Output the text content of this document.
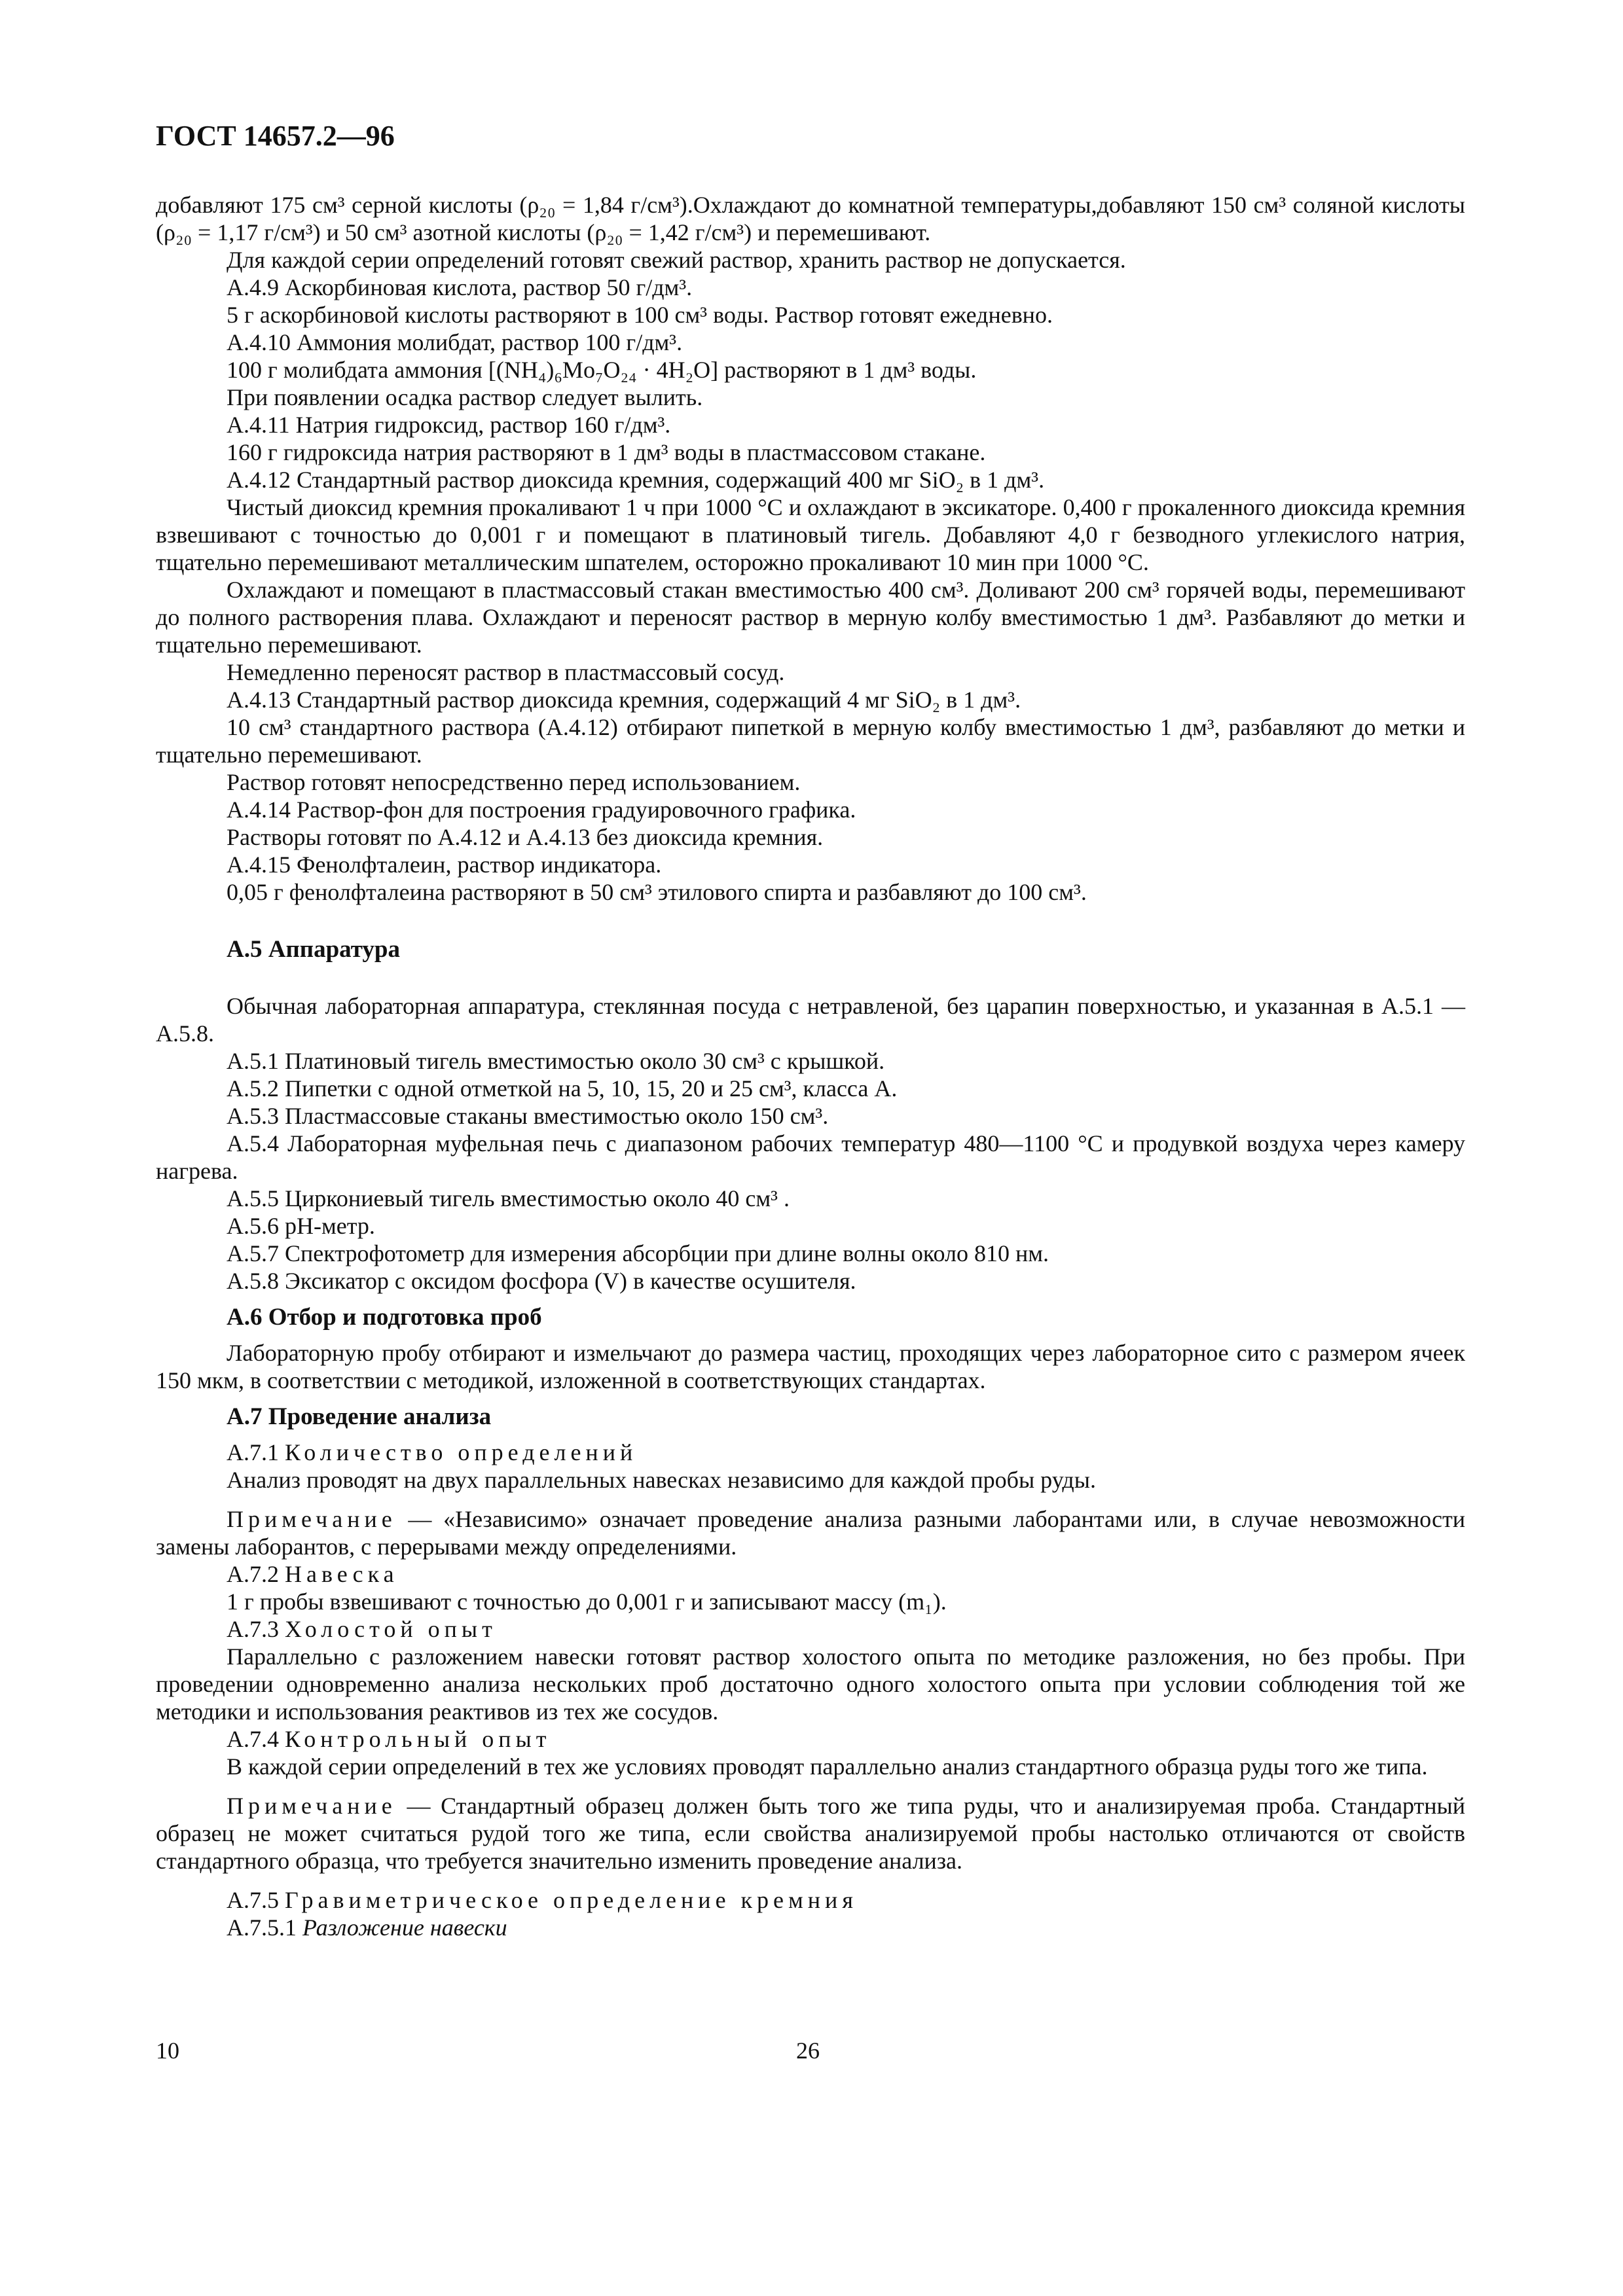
ГОСТ 14657.2—96

добавляют 175 см³ серной кислоты (ρ₂₀ = 1,84 г/см³).Охлаждают до комнатной температуры,добавляют 150 см³ соляной кислоты (ρ₂₀ = 1,17 г/см³) и 50 см³ азотной кислоты (ρ₂₀ = 1,42 г/см³) и перемешивают.

Для каждой серии определений готовят свежий раствор, хранить раствор не допускается.

А.4.9 Аскорбиновая кислота, раствор 50 г/дм³.

5 г аскорбиновой кислоты растворяют в 100 см³ воды. Раствор готовят ежедневно.

А.4.10 Аммония молибдат, раствор 100 г/дм³.

100 г молибдата аммония [(NH₄)₆Mo₇O₂₄ · 4H₂O] растворяют в 1 дм³ воды.

При появлении осадка раствор следует вылить.

А.4.11 Натрия гидроксид, раствор 160 г/дм³.

160 г гидроксида натрия растворяют в 1 дм³ воды в пластмассовом стакане.

А.4.12 Стандартный раствор диоксида кремния, содержащий 400 мг SiO₂ в 1 дм³.

Чистый диоксид кремния прокаливают 1 ч при 1000 °С и охлаждают в эксикаторе. 0,400 г прокаленного диоксида кремния взвешивают с точностью до 0,001 г и помещают в платиновый тигель. Добавляют 4,0 г безводного углекислого натрия, тщательно перемешивают металлическим шпателем, осторожно прокаливают 10 мин при 1000 °С.

Охлаждают и помещают в пластмассовый стакан вместимостью 400 см³. Доливают 200 см³ горячей воды, перемешивают до полного растворения плава. Охлаждают и переносят раствор в мерную колбу вместимостью 1 дм³. Разбавляют до метки и тщательно перемешивают.

Немедленно переносят раствор в пластмассовый сосуд.

А.4.13 Стандартный раствор диоксида кремния, содержащий 4 мг SiO₂ в 1 дм³.

10 см³ стандартного раствора (А.4.12) отбирают пипеткой в мерную колбу вместимостью 1 дм³, разбавляют до метки и тщательно перемешивают.

Раствор готовят непосредственно перед использованием.

А.4.14 Раствор-фон для построения градуировочного графика.

Растворы готовят по А.4.12 и А.4.13 без диоксида кремния.

А.4.15 Фенолфталеин, раствор индикатора.

0,05 г фенолфталеина растворяют в 50 см³ этилового спирта и разбавляют до 100 см³.

А.5 Аппаратура

Обычная лабораторная аппаратура, стеклянная посуда с нетравленой, без царапин поверхностью, и указанная в А.5.1 — А.5.8.

А.5.1 Платиновый тигель вместимостью около 30 см³ с крышкой.

А.5.2 Пипетки с одной отметкой на 5, 10, 15, 20 и 25 см³, класса А.

А.5.3 Пластмассовые стаканы вместимостью около 150 см³.

А.5.4 Лабораторная муфельная печь с диапазоном рабочих температур 480—1100 °С и продувкой воздуха через камеру нагрева.

А.5.5 Циркониевый тигель вместимостью около 40 см³ .

А.5.6 рН-метр.

А.5.7 Спектрофотометр для измерения абсорбции при длине волны около 810 нм.

А.5.8 Эксикатор с оксидом фосфора (V) в качестве осушителя.

А.6 Отбор и подготовка проб

Лабораторную пробу отбирают и измельчают до размера частиц, проходящих через лабораторное сито с размером ячеек 150 мкм, в соответствии с методикой, изложенной в соответствующих стандартах.

А.7 Проведение анализа

А.7.1 Количество определений

Анализ проводят на двух параллельных навесках независимо для каждой пробы руды.

Примечание — «Независимо» означает проведение анализа разными лаборантами или, в случае невозможности замены лаборантов, с перерывами между определениями.

А.7.2 Навеска

1 г пробы взвешивают с точностью до 0,001 г и записывают массу (m₁).

А.7.3 Холостой опыт

Параллельно с разложением навески готовят раствор холостого опыта по методике разложения, но без пробы. При проведении одновременно анализа нескольких проб достаточно одного холостого опыта при условии соблюдения той же методики и использования реактивов из тех же сосудов.

А.7.4 Контрольный опыт

В каждой серии определений в тех же условиях проводят параллельно анализ стандартного образца руды того же типа.

Примечание — Стандартный образец должен быть того же типа руды, что и анализируемая проба. Стандартный образец не может считаться рудой того же типа, если свойства анализируемой пробы настолько отличаются от свойств стандартного образца, что требуется значительно изменить проведение анализа.

А.7.5 Гравиметрическое определение кремния

А.7.5.1 Разложение навески

10	26
